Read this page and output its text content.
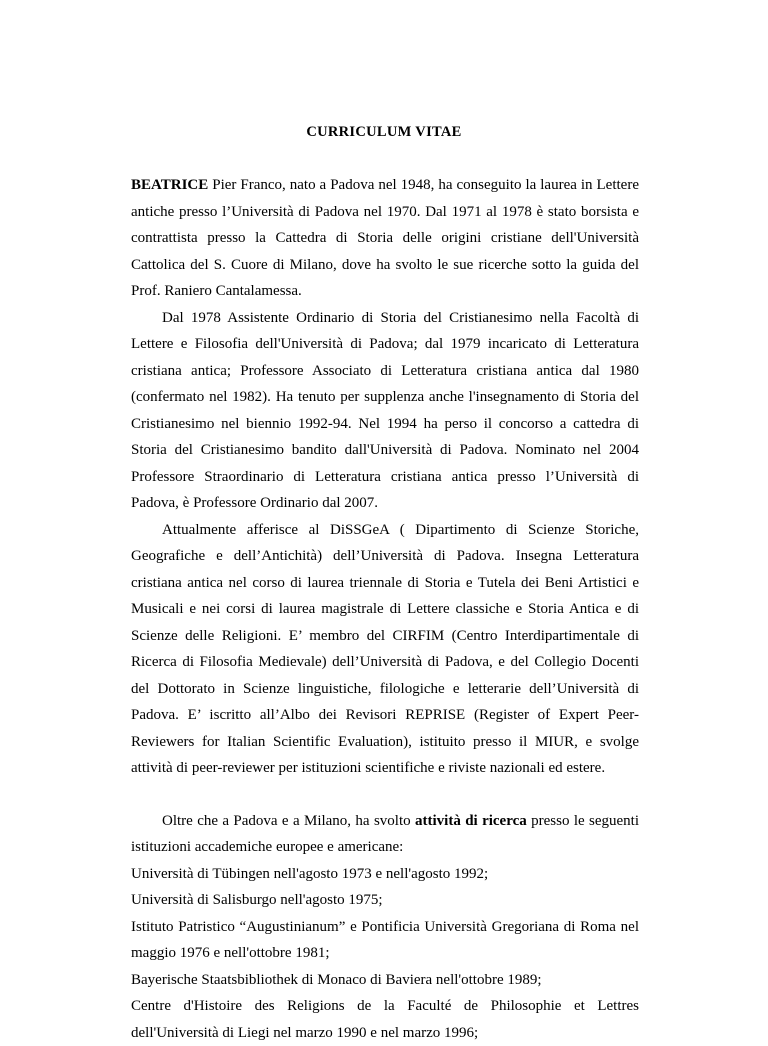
CURRICULUM VITAE

BEATRICE Pier Franco, nato a Padova nel 1948, ha conseguito la laurea in Lettere antiche presso l’Università di Padova nel 1970. Dal 1971 al 1978 è stato borsista e contrattista presso la Cattedra di Storia delle origini cristiane dell'Università Cattolica del S. Cuore di Milano, dove ha svolto le sue ricerche sotto la guida del Prof. Raniero Cantalamessa.

Dal 1978 Assistente Ordinario di Storia del Cristianesimo nella Facoltà di Lettere e Filosofia dell'Università di Padova; dal 1979 incaricato di Letteratura cristiana antica; Professore Associato di Letteratura cristiana antica dal 1980 (confermato nel 1982). Ha tenuto per supplenza anche l'insegnamento di Storia del Cristianesimo nel biennio 1992-94. Nel 1994 ha perso il concorso a cattedra di Storia del Cristianesimo bandito dall'Università di Padova. Nominato nel 2004 Professore Straordinario di Letteratura cristiana antica presso l’Università di Padova, è Professore Ordinario dal 2007.

Attualmente afferisce al DiSSGeA ( Dipartimento di Scienze Storiche, Geografiche e dell’Antichità) dell’Università di Padova. Insegna Letteratura cristiana antica nel corso di laurea triennale di Storia e Tutela dei Beni Artistici e Musicali e nei corsi di laurea magistrale di Lettere classiche e Storia Antica e di Scienze delle Religioni. E’ membro del CIRFIM (Centro Interdipartimentale di Ricerca di Filosofia Medievale) dell’Università di Padova, e del Collegio Docenti del Dottorato in Scienze linguistiche, filologiche e letterarie dell’Università di Padova. E’ iscritto all’Albo dei Revisori REPRISE (Register of Expert Peer-Reviewers for Italian Scientific Evaluation), istituito presso il MIUR, e svolge attività di peer-reviewer per istituzioni scientifiche e riviste nazionali ed estere.

Oltre che a Padova e a Milano, ha svolto attività di ricerca presso le seguenti istituzioni accademiche europee e americane:

Università di Tübingen nell'agosto 1973 e nell'agosto 1992;

Università di Salisburgo nell'agosto 1975;

Istituto Patristico “Augustinianum” e Pontificia Università Gregoriana di Roma nel maggio 1976 e nell'ottobre 1981;

Bayerische Staatsbibliothek di Monaco di Baviera nell'ottobre 1989;

Centre d'Histoire des Religions de la Faculté de Philosophie et Lettres dell'Università di Liegi nel marzo 1990 e nel marzo 1996;
